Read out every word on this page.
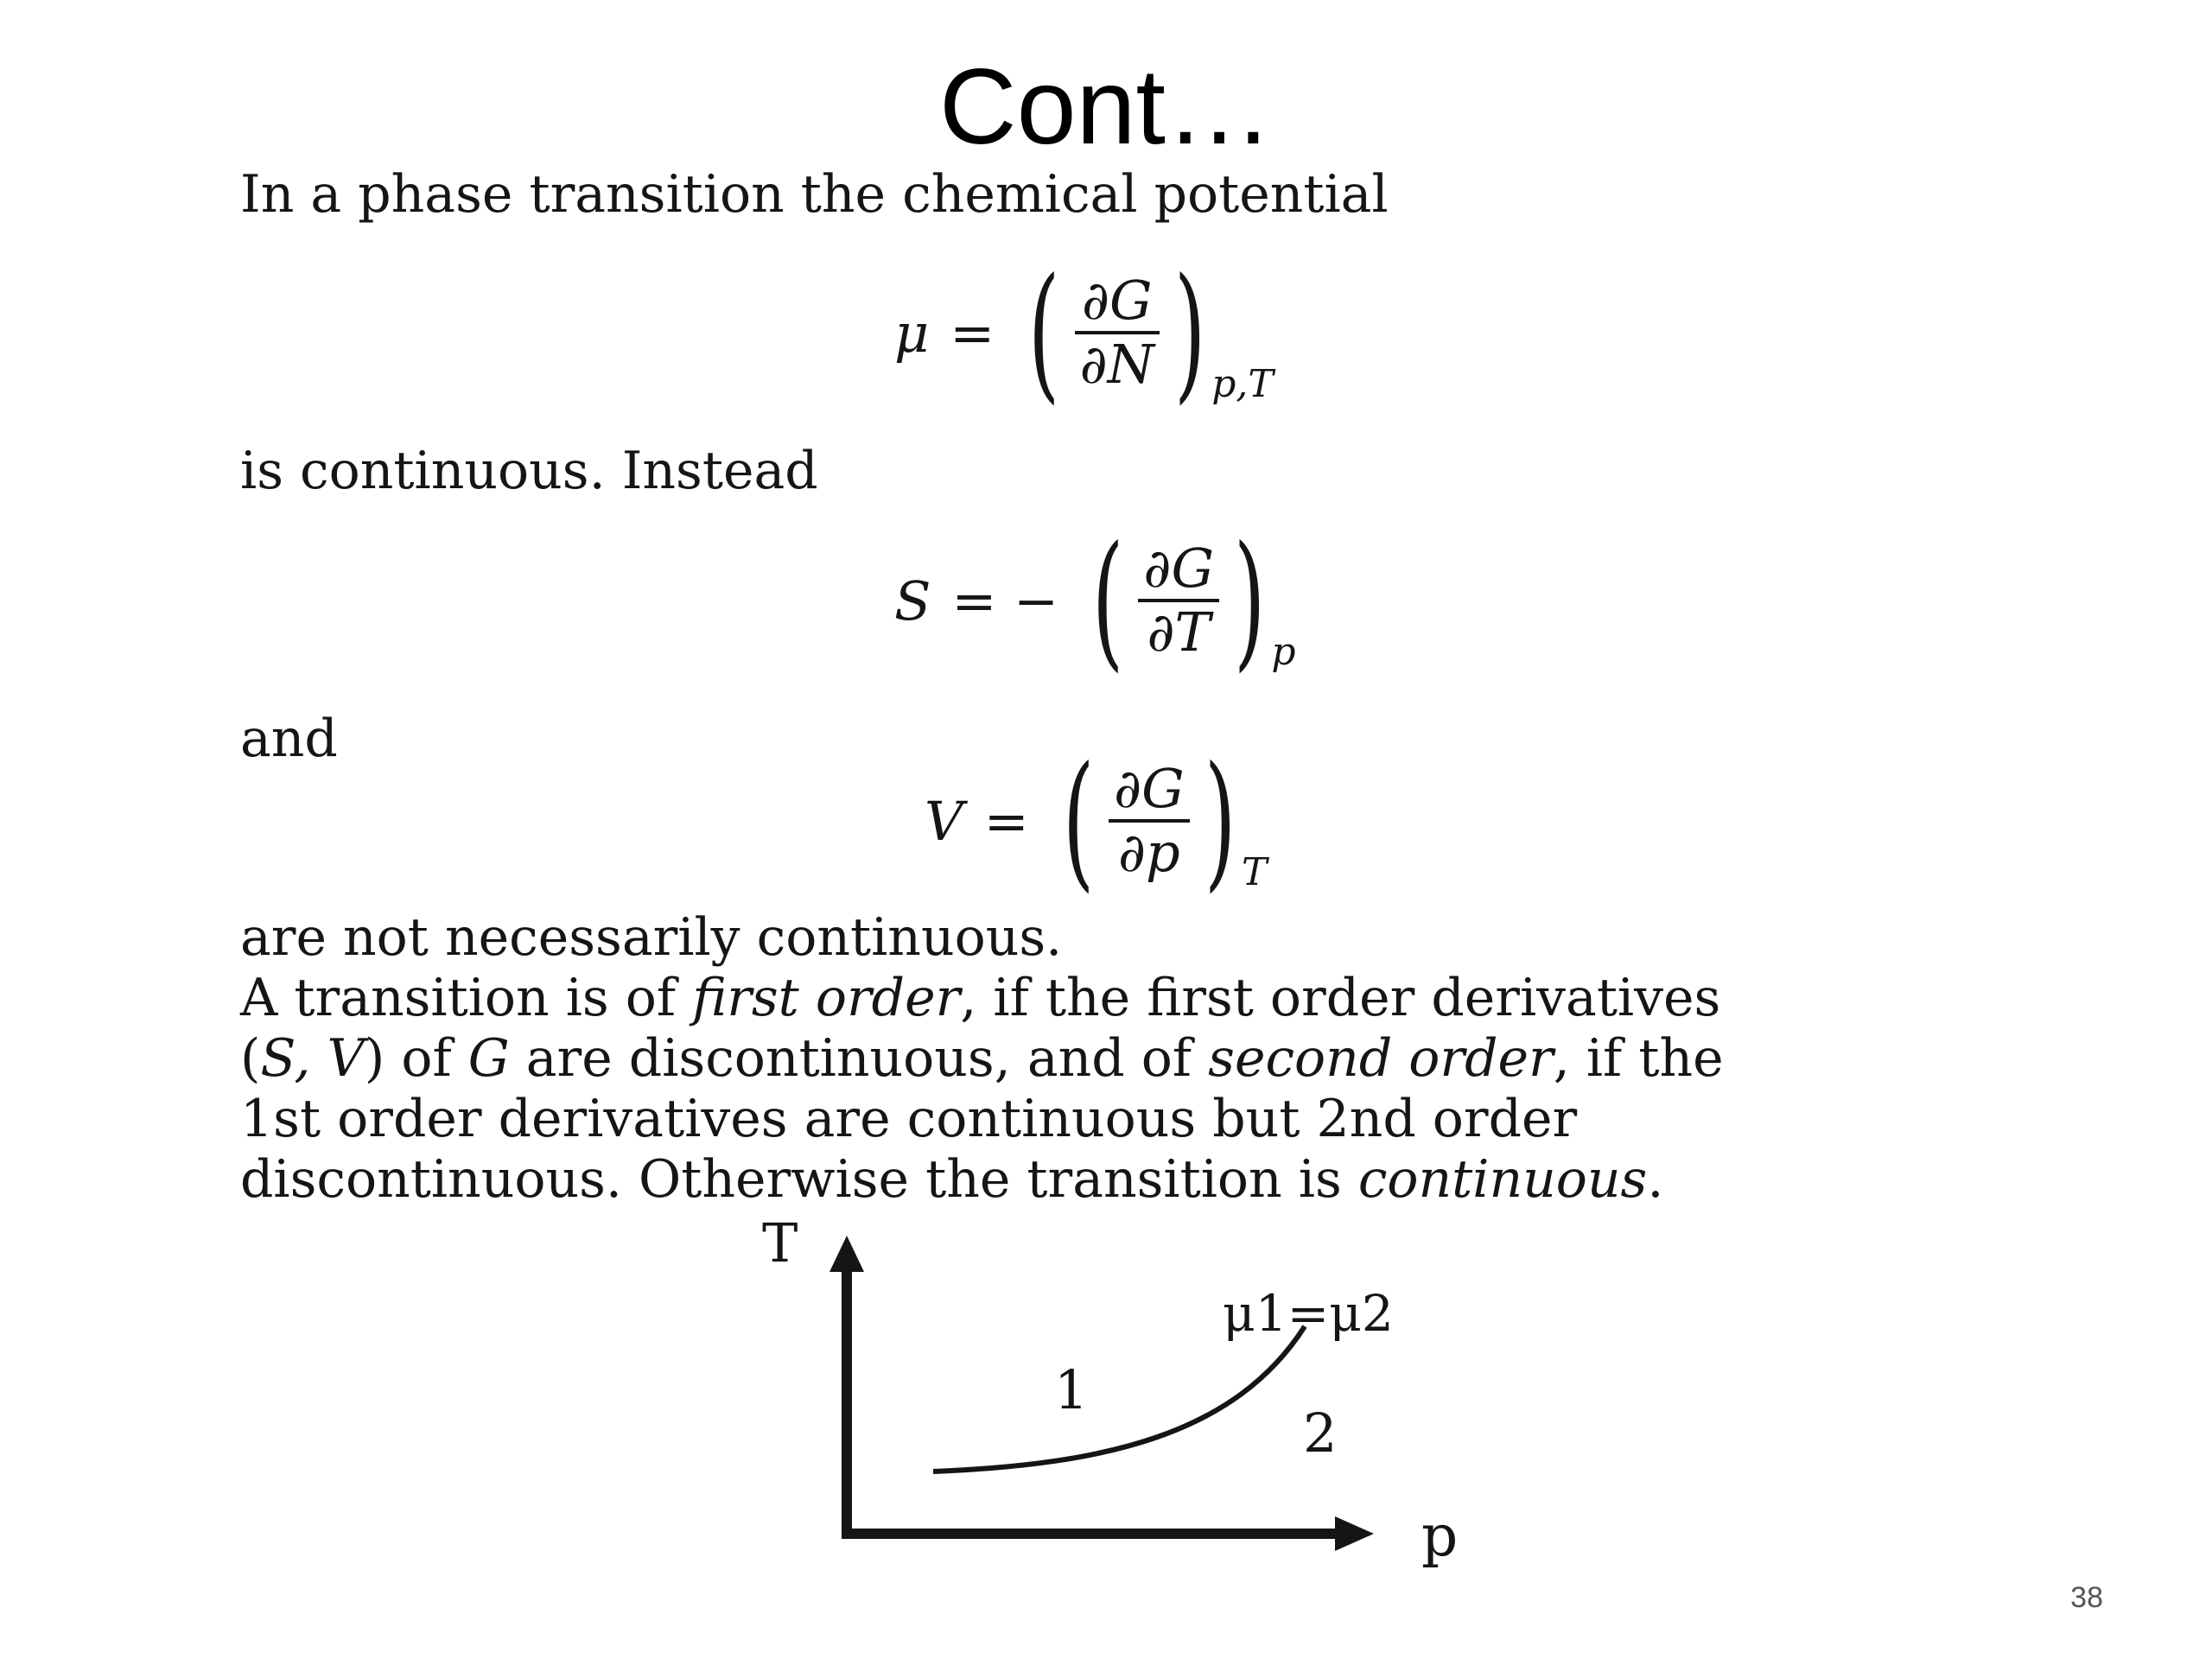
Cont…

In a phase transition the chemical potential

μ = ( $\frac{\partial G}{\partial N}$ ) p,T

is continuous. Instead

S = − ( $\frac{\partial G}{\partial T}$ ) p

and

V = ( $\frac{\partial G}{\partial p}$ ) T

are not necessarily continuous.

A transition is of first order, if the first order derivatives

(S, V) of G are discontinuous, and of second order, if the

1st order derivatives are continuous but 2nd order

discontinuous. Otherwise the transition is continuous.

T
p
1
2
μ1=μ2
38
